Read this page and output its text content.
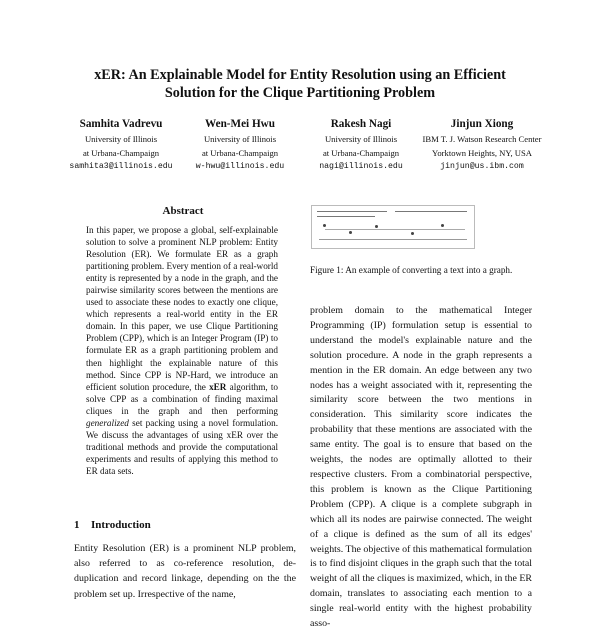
xER: An Explainable Model for Entity Resolution using an Efficient
Solution for the Clique Partitioning Problem
Samhita Vadrevu
University of Illinois
at Urbana-Champaign
samhita3@illinois.edu
Wen-Mei Hwu
University of Illinois
at Urbana-Champaign
w-hwu@illinois.edu
Rakesh Nagi
University of Illinois
at Urbana-Champaign
nagi@illinois.edu
Jinjun Xiong
IBM T. J. Watson Research Center
Yorktown Heights, NY, USA
jinjun@us.ibm.com
Abstract
In this paper, we propose a global, self-explainable solution to solve a prominent NLP problem: Entity Resolution (ER). We formulate ER as a graph partitioning problem. Every mention of a real-world entity is represented by a node in the graph, and the pairwise similarity scores between the mentions are used to associate these nodes to exactly one clique, which represents a real-world entity in the ER domain. In this paper, we use Clique Partitioning Problem (CPP), which is an Integer Program (IP) to formulate ER as a graph partitioning problem and then highlight the explainable nature of this method. Since CPP is NP-Hard, we introduce an efficient solution procedure, the xER algorithm, to solve CPP as a combination of finding maximal cliques in the graph and then performing generalized set packing using a novel formulation. We discuss the advantages of using xER over the traditional methods and provide the computational experiments and results of applying this method to ER data sets.
1 Introduction
Entity Resolution (ER) is a prominent NLP problem, also referred to as co-reference resolution, de-duplication and record linkage, depending on the the problem set up. Irrespective of the name,
Figure 1: An example of converting a text into a graph.
problem domain to the mathematical Integer Programming (IP) formulation setup is essential to understand the model's explainable nature and the solution procedure. A node in the graph represents a mention in the ER domain. An edge between any two nodes has a weight associated with it, representing the similarity score between the two mentions in consideration. This similarity score indicates the probability that these mentions are associated with the same entity. The goal is to ensure that based on the weights, the nodes are optimally allotted to their respective clusters. From a combinatorial perspective, this problem is known as the Clique Partitioning Problem (CPP). A clique is a complete subgraph in which all its nodes are pairwise connected. The weight of a clique is defined as the sum of all its edges' weights. The objective of this mathematical formulation is to find disjoint cliques in the graph such that the total weight of all the cliques is maximized, which, in the ER domain, translates to associating each mention to a single real-world entity with the highest probability asso-
